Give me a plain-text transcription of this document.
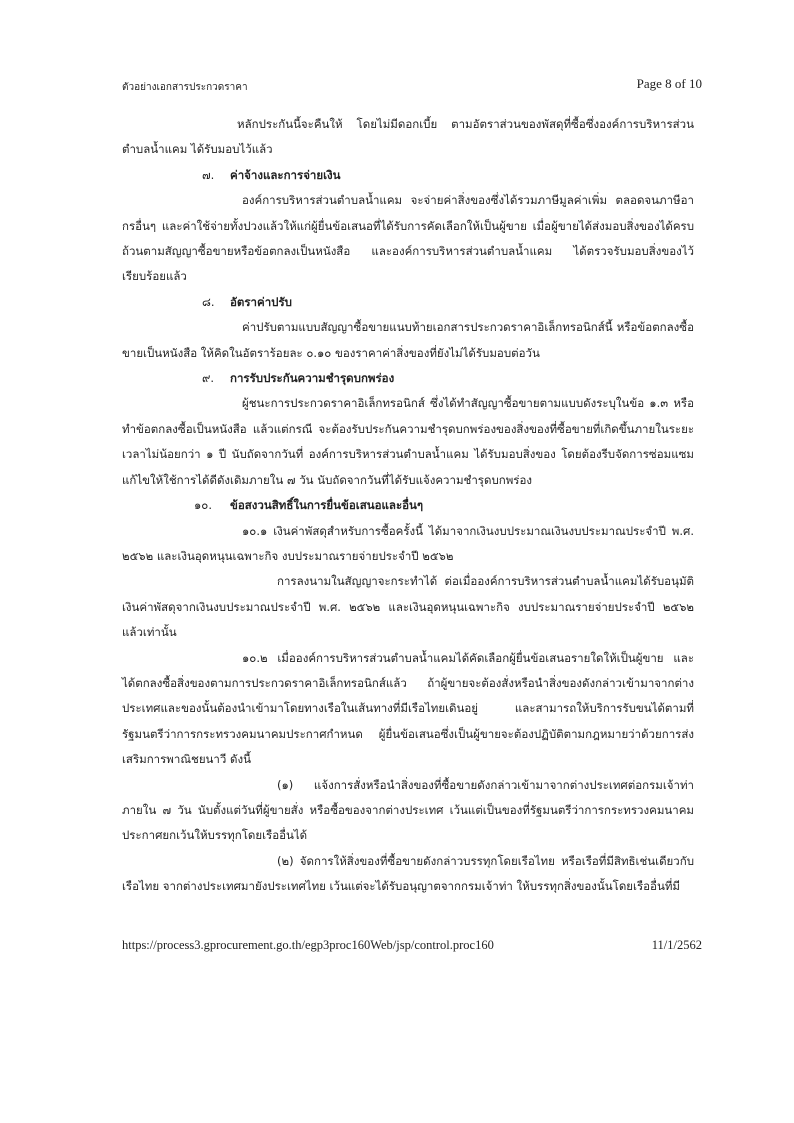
ตัวอย่างเอกสารประกวดราคา	Page 8 of 10

หลักประกันนี้จะคืนให้ โดยไม่มีดอกเบี้ย ตามอัตราส่วนของพัสดุที่ซื้อซึ่งองค์การบริหารส่วนตำบลน้ำแคม ได้รับมอบไว้แล้ว

๗. ค่าจ้างและการจ่ายเงิน

องค์การบริหารส่วนตำบลน้ำแคม จะจ่ายค่าสิ่งของซึ่งได้รวมภาษีมูลค่าเพิ่ม ตลอดจนภาษีอากรอื่นๆ และค่าใช้จ่ายทั้งปวงแล้วให้แก่ผู้ยื่นข้อเสนอที่ได้รับการคัดเลือกให้เป็นผู้ขาย เมื่อผู้ขายได้ส่งมอบสิ่งของได้ครบถ้วนตามสัญญาซื้อขายหรือข้อตกลงเป็นหนังสือ และองค์การบริหารส่วนตำบลน้ำแคม ได้ตรวจรับมอบสิ่งของไว้เรียบร้อยแล้ว

๘. อัตราค่าปรับ

ค่าปรับตามแบบสัญญาซื้อขายแนบท้ายเอกสารประกวดราคาอิเล็กทรอนิกส์นี้ หรือข้อตกลงซื้อขายเป็นหนังสือ ให้คิดในอัตราร้อยละ ๐.๑๐ ของราคาค่าสิ่งของที่ยังไม่ได้รับมอบต่อวัน

๙. การรับประกันความชำรุดบกพร่อง

ผู้ชนะการประกวดราคาอิเล็กทรอนิกส์ ซึ่งได้ทำสัญญาซื้อขายตามแบบดังระบุในข้อ ๑.๓ หรือทำข้อตกลงซื้อเป็นหนังสือ แล้วแต่กรณี จะต้องรับประกันความชำรุดบกพร่องของสิ่งของที่ซื้อขายที่เกิดขึ้นภายในระยะเวลาไม่น้อยกว่า ๑ ปี นับถัดจากวันที่ องค์การบริหารส่วนตำบลน้ำแคม ได้รับมอบสิ่งของ โดยต้องรีบจัดการซ่อมแซมแก้ไขให้ใช้การได้ดีดังเดิมภายใน ๗ วัน นับถัดจากวันที่ได้รับแจ้งความชำรุดบกพร่อง

๑๐. ข้อสงวนสิทธิ์ในการยื่นข้อเสนอและอื่นๆ

๑๐.๑ เงินค่าพัสดุสำหรับการซื้อครั้งนี้ ได้มาจากเงินงบประมาณเงินงบประมาณประจำปี พ.ศ. ๒๕๖๒ และเงินอุดหนุนเฉพาะกิจ งบประมาณรายจ่ายประจำปี ๒๕๖๒

การลงนามในสัญญาจะกระทำได้ ต่อเมื่อองค์การบริหารส่วนตำบลน้ำแคมได้รับอนุมัติเงินค่าพัสดุจากเงินงบประมาณประจำปี พ.ศ. ๒๕๖๒ และเงินอุดหนุนเฉพาะกิจ งบประมาณรายจ่ายประจำปี ๒๕๖๒ แล้วเท่านั้น

๑๐.๒ เมื่อองค์การบริหารส่วนตำบลน้ำแคมได้คัดเลือกผู้ยื่นข้อเสนอรายใดให้เป็นผู้ขาย และได้ตกลงซื้อสิ่งของตามการประกวดราคาอิเล็กทรอนิกส์แล้ว ถ้าผู้ขายจะต้องสั่งหรือนำสิ่งของดังกล่าวเข้ามาจากต่างประเทศและของนั้นต้องนำเข้ามาโดยทางเรือในเส้นทางที่มีเรือไทยเดินอยู่ และสามารถให้บริการรับขนได้ตามที่รัฐมนตรีว่าการกระทรวงคมนาคมประกาศกำหนด ผู้ยื่นข้อเสนอซึ่งเป็นผู้ขายจะต้องปฏิบัติตามกฎหมายว่าด้วยการส่งเสริมการพาณิชยนาวี ดังนี้

(๑) แจ้งการสั่งหรือนำสิ่งของที่ซื้อขายดังกล่าวเข้ามาจากต่างประเทศต่อกรมเจ้าท่าภายใน ๗ วัน นับตั้งแต่วันที่ผู้ขายสั่ง หรือซื้อของจากต่างประเทศ เว้นแต่เป็นของที่รัฐมนตรีว่าการกระทรวงคมนาคมประกาศยกเว้นให้บรรทุกโดยเรืออื่นได้

(๒) จัดการให้สิ่งของที่ซื้อขายดังกล่าวบรรทุกโดยเรือไทย หรือเรือที่มีสิทธิเช่นเดียวกับเรือไทย จากต่างประเทศมายังประเทศไทย เว้นแต่จะได้รับอนุญาตจากกรมเจ้าท่า ให้บรรทุกสิ่งของนั้นโดยเรืออื่นที่มี

https://process3.gprocurement.go.th/egp3proc160Web/jsp/control.proc160	11/1/2562
